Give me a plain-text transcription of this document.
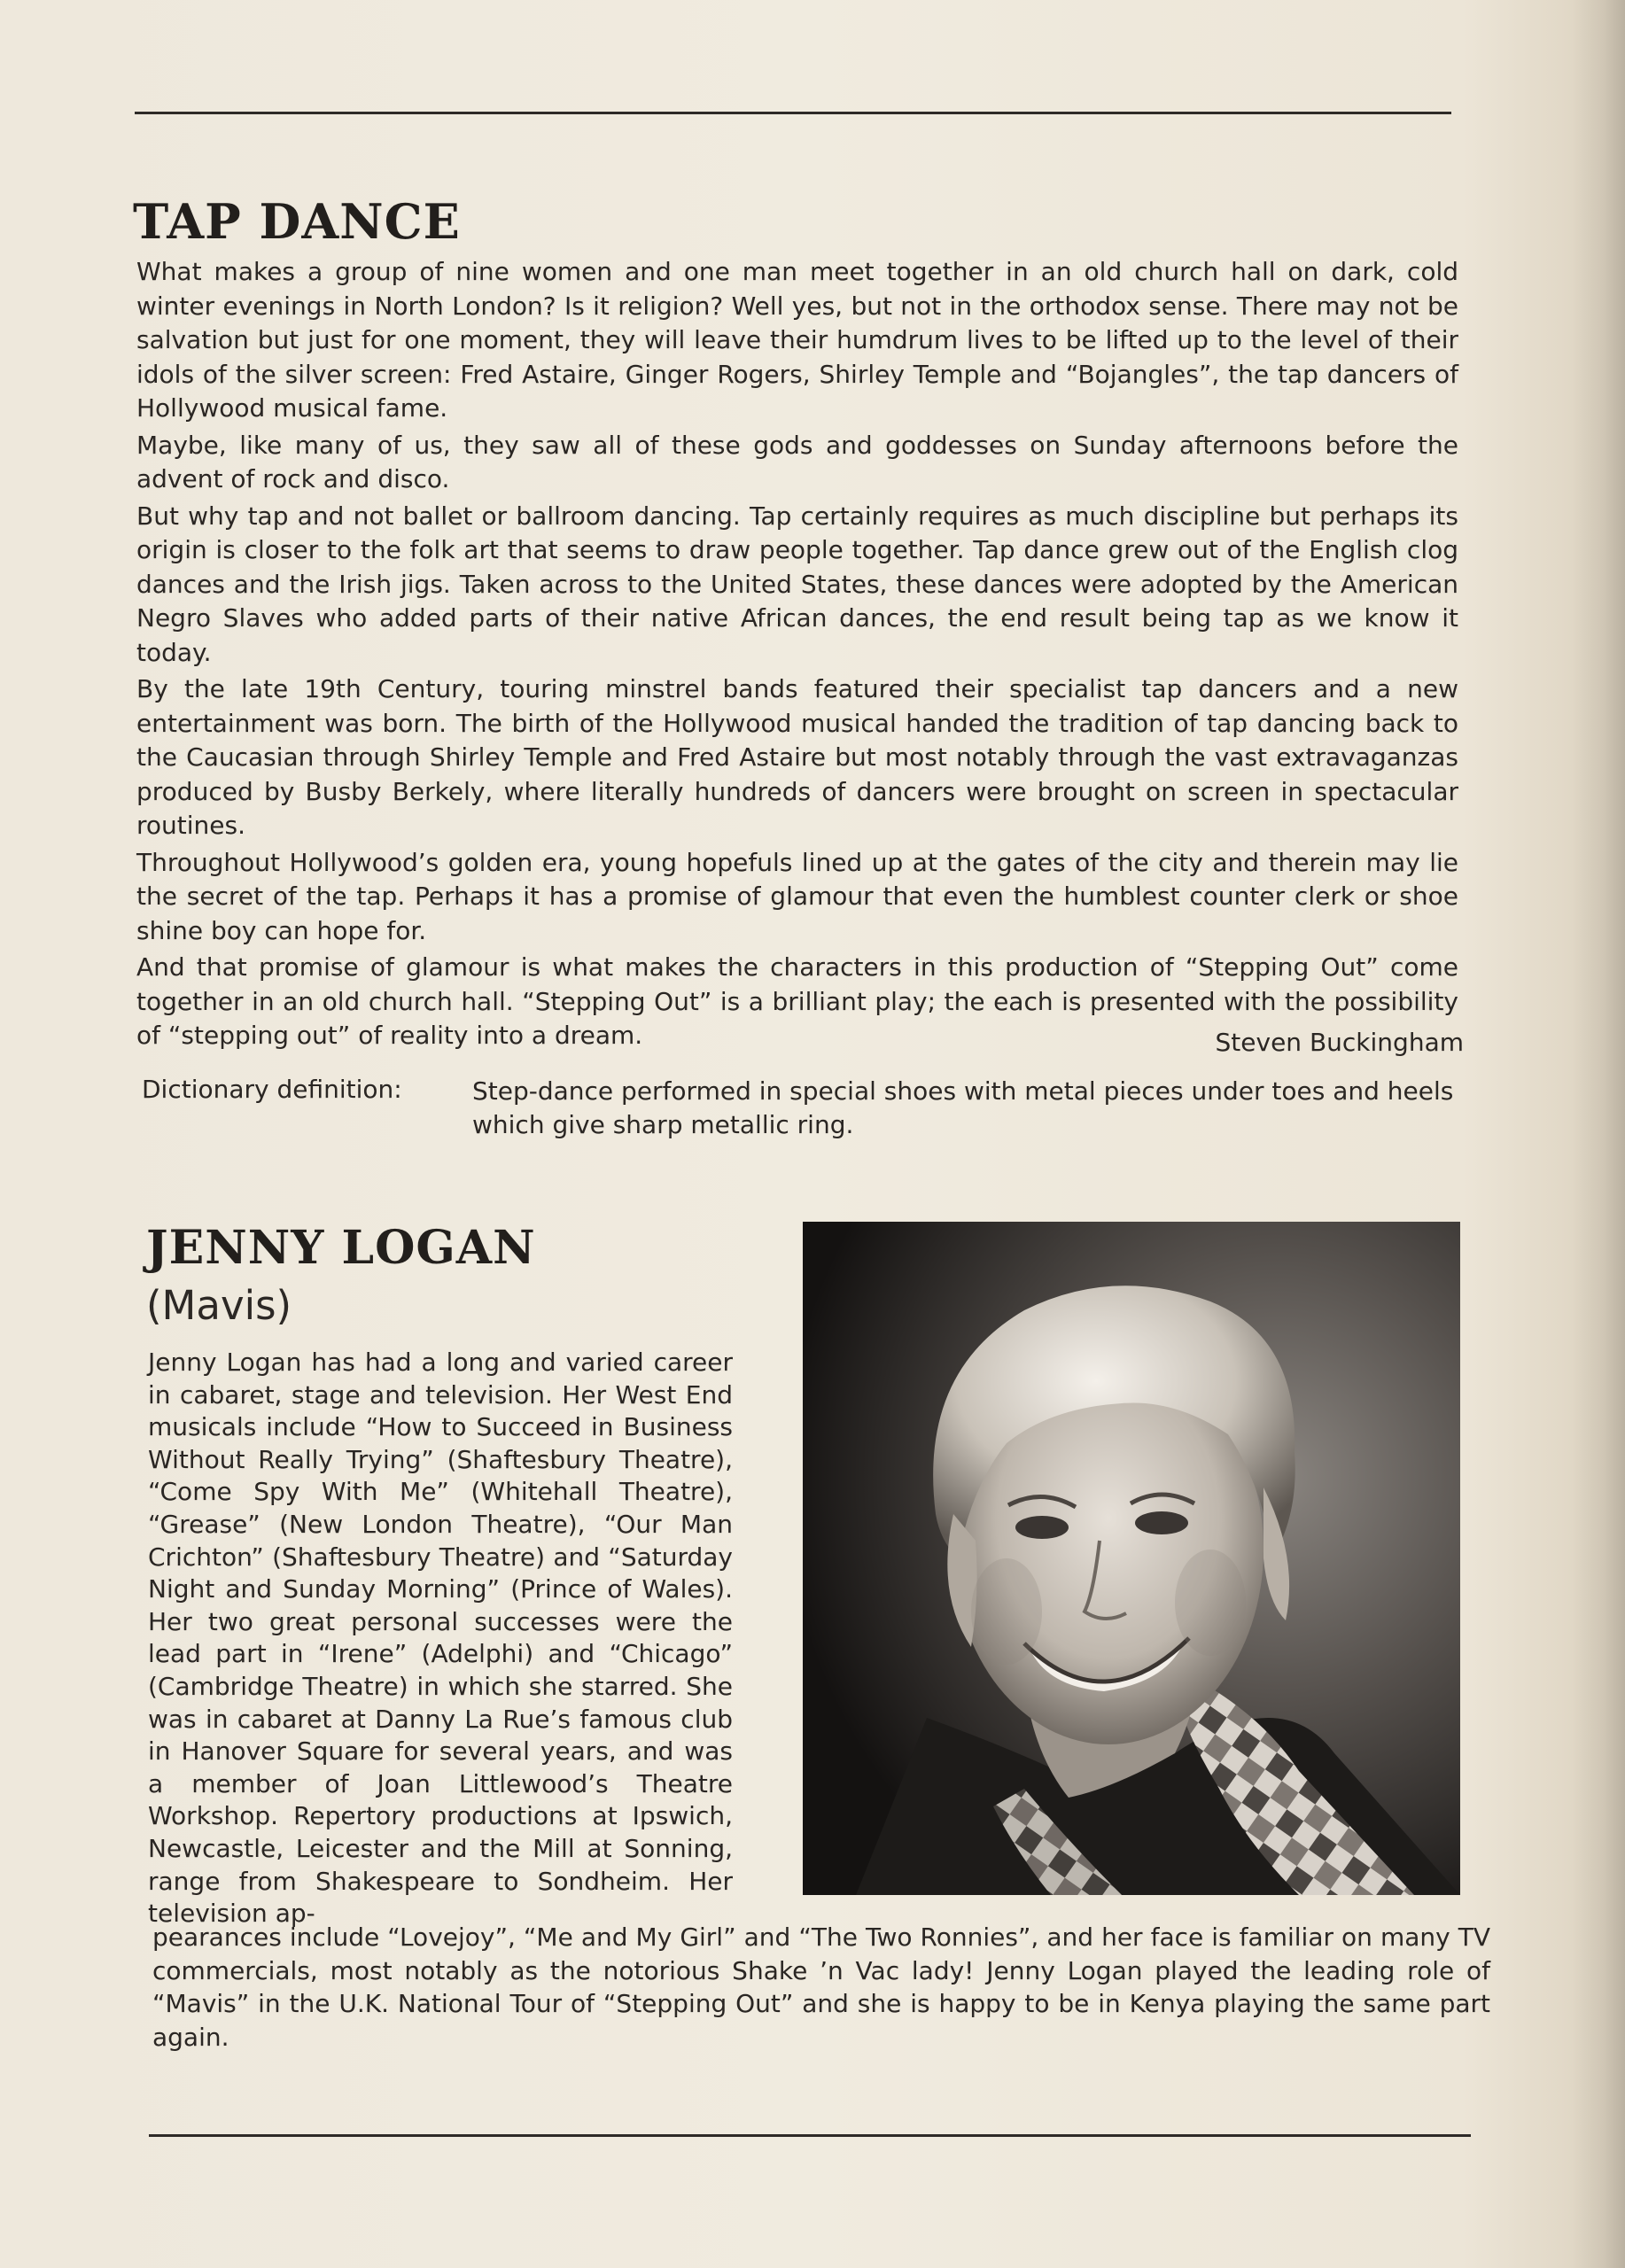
TAP DANCE

What makes a group of nine women and one man meet together in an old church hall on dark, cold winter evenings in North London? Is it religion? Well yes, but not in the orthodox sense. There may not be salvation but just for one moment, they will leave their humdrum lives to be lifted up to the level of their idols of the silver screen: Fred Astaire, Ginger Rogers, Shirley Temple and “Bojangles”, the tap dancers of Hollywood musical fame.

Maybe, like many of us, they saw all of these gods and goddesses on Sunday afternoons before the advent of rock and disco.

But why tap and not ballet or ballroom dancing. Tap certainly requires as much discipline but perhaps its origin is closer to the folk art that seems to draw people together. Tap dance grew out of the English clog dances and the Irish jigs. Taken across to the United States, these dances were adopted by the American Negro Slaves who added parts of their native African dances, the end result being tap as we know it today.

By the late 19th Century, touring minstrel bands featured their specialist tap dancers and a new entertainment was born. The birth of the Hollywood musical handed the tradition of tap dancing back to the Caucasian through Shirley Temple and Fred Astaire but most notably through the vast extravaganzas produced by Busby Berkely, where literally hundreds of dancers were brought on screen in spectacular routines.

Throughout Hollywood’s golden era, young hopefuls lined up at the gates of the city and therein may lie the secret of the tap. Perhaps it has a promise of glamour that even the humblest counter clerk or shoe shine boy can hope for.

And that promise of glamour is what makes the characters in this production of “Stepping Out” come together in an old church hall. “Stepping Out” is a brilliant play; the each is presented with the possibility of “stepping out” of reality into a dream.	Steven Buckingham

Dictionary definition:	Step-dance performed in special shoes with metal pieces under toes and heels which give sharp metallic ring.
JENNY LOGAN

(Mavis)

Jenny Logan has had a long and varied career in cabaret, stage and television. Her West End musicals include “How to Succeed in Business Without Really Trying” (Shaftesbury Theatre), “Come Spy With Me” (Whitehall Theatre), “Grease” (New London Theatre), “Our Man Crichton” (Shaftesbury Theatre) and “Saturday Night and Sunday Morning” (Prince of Wales). Her two great personal successes were the lead part in “Irene” (Adelphi) and “Chicago” (Cambridge Theatre) in which she starred. She was in cabaret at Danny La Rue’s famous club in Hanover Square for several years, and was a member of Joan Littlewood’s Theatre Workshop. Repertory productions at Ipswich, Newcastle, Leicester and the Mill at Sonning, range from Shakespeare to Sondheim. Her television ap-
pearances include “Lovejoy”, “Me and My Girl” and “The Two Ronnies”, and her face is familiar on many TV commercials, most notably as the notorious Shake ’n Vac lady! Jenny Logan played the leading role of “Mavis” in the U.K. National Tour of “Stepping Out” and she is happy to be in Kenya playing the same part again.
